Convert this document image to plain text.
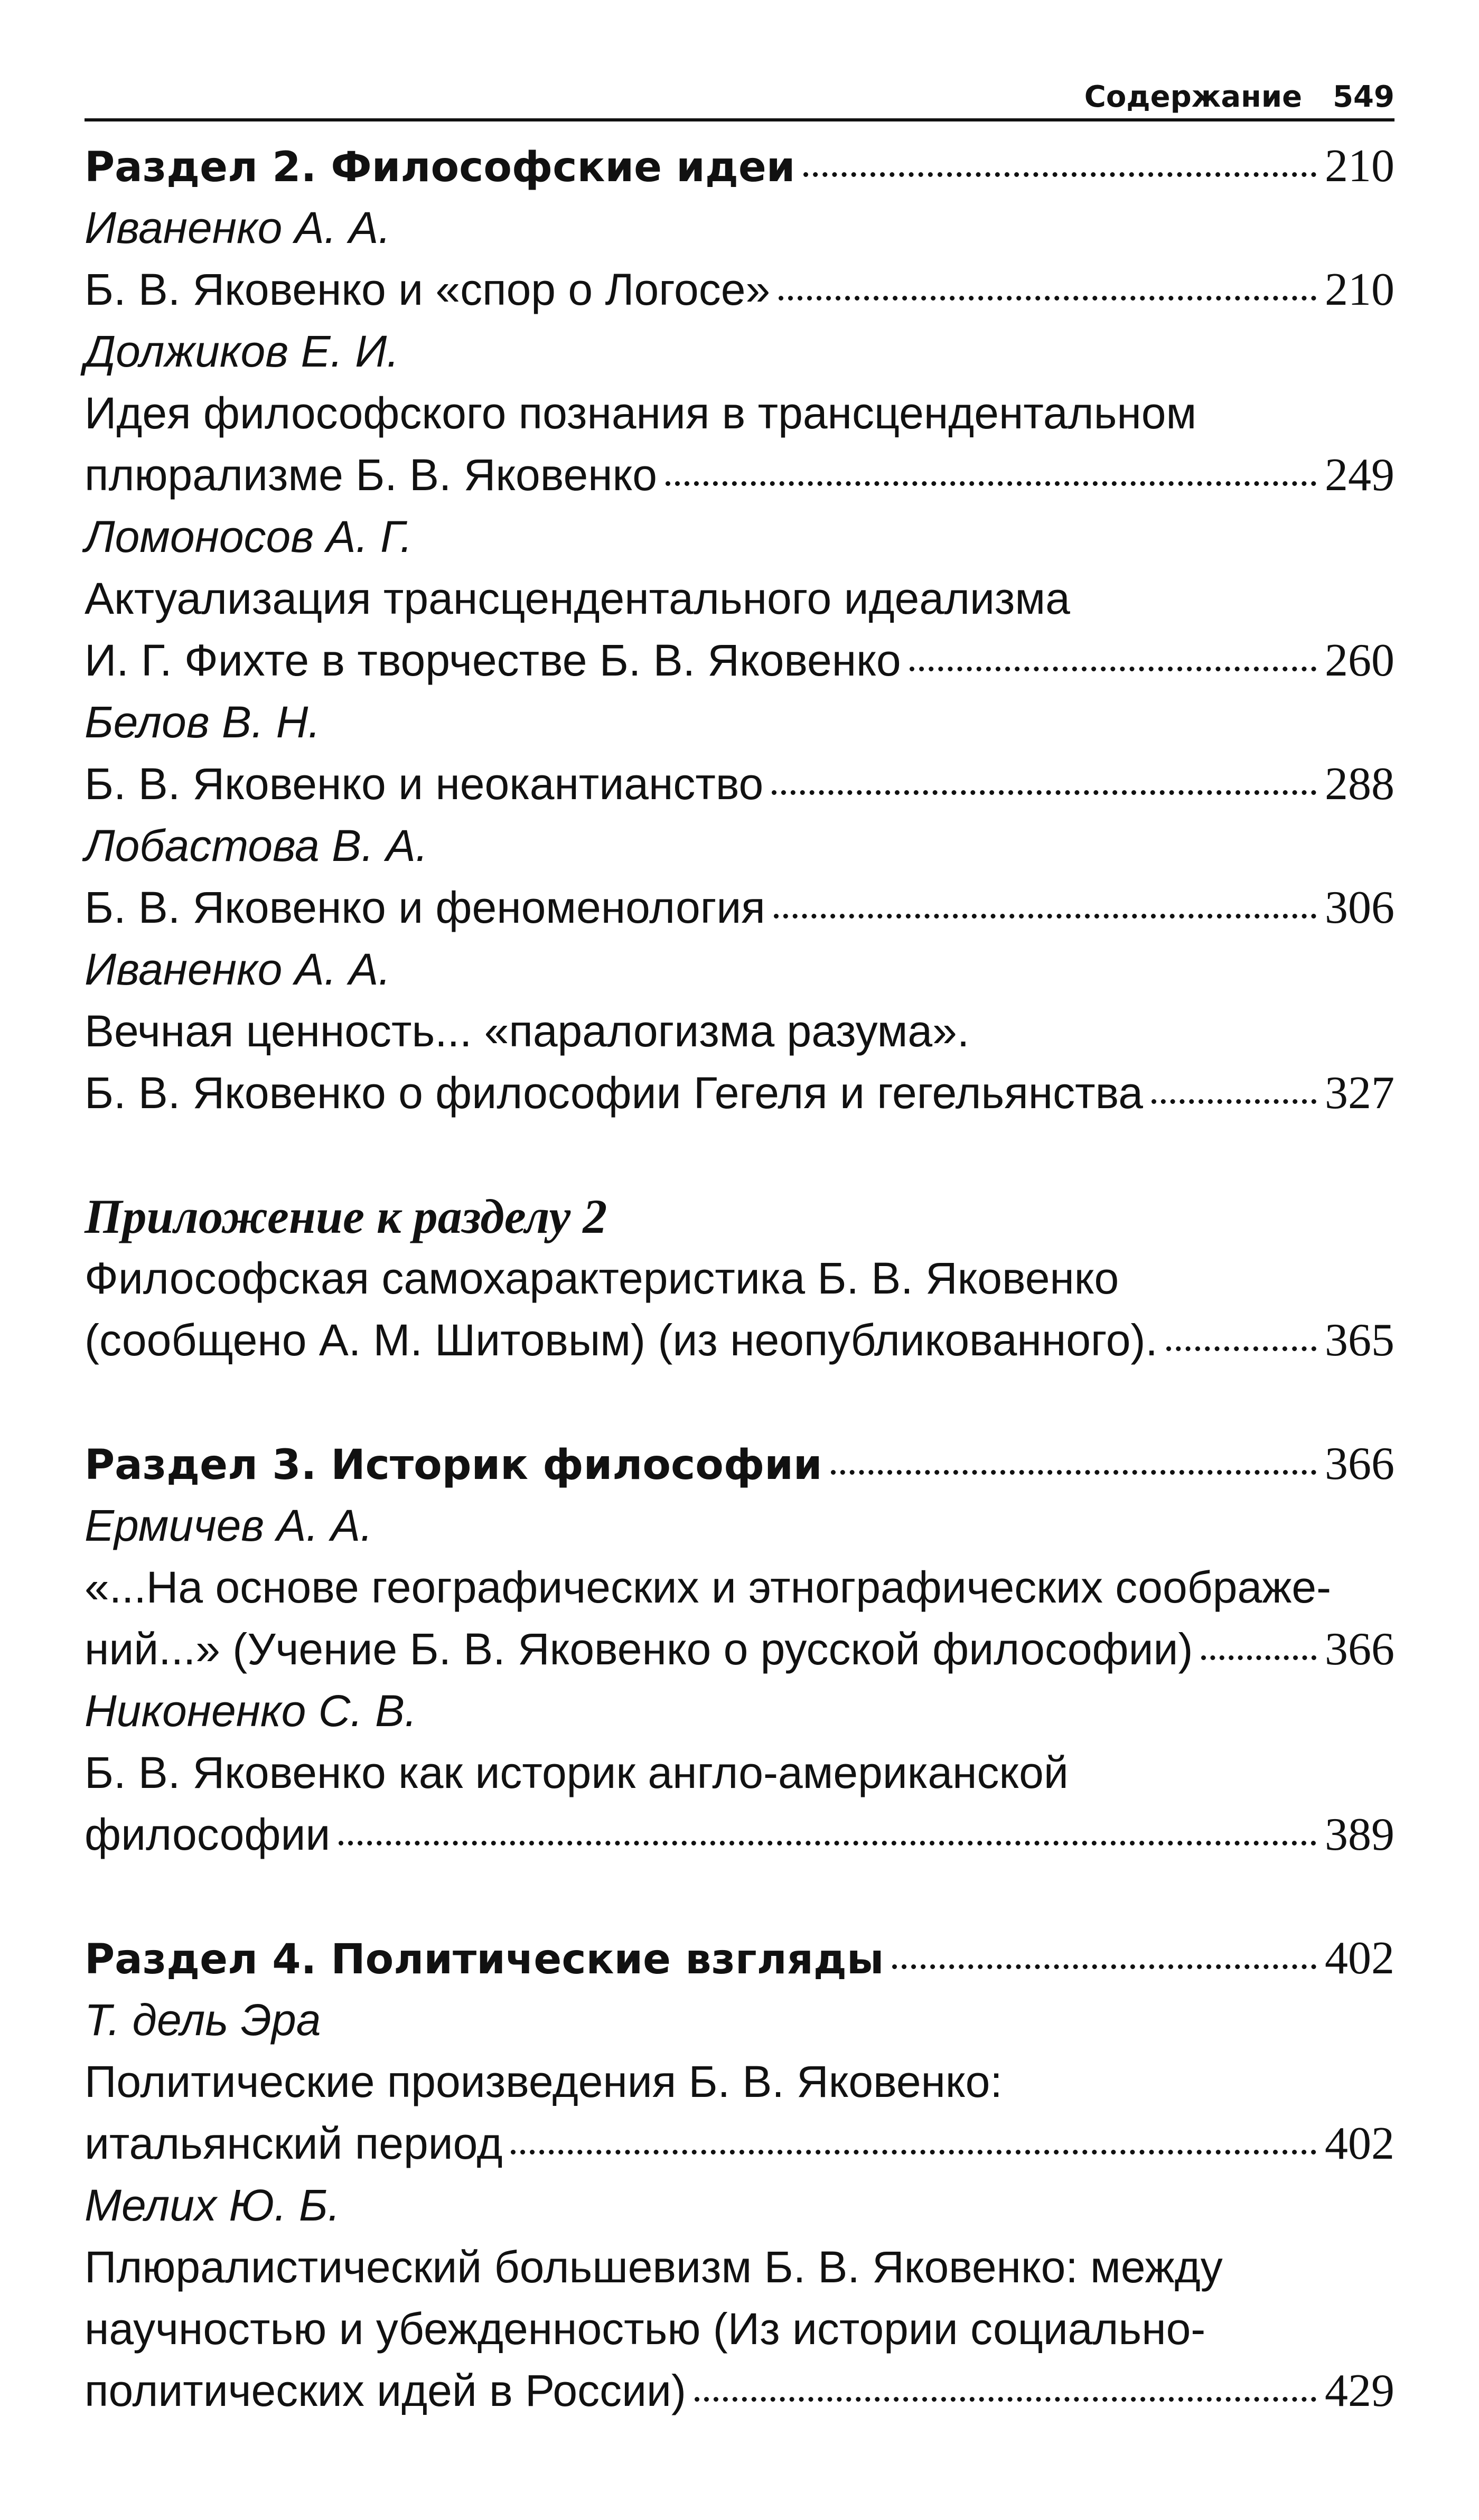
Содержание 549
Раздел 2. Философские идеи	210
Иваненко А. А.
Б. В. Яковенко и «спор о Логосе»	210
Должиков Е. И.
Идея философского познания в трансцендентальном
плюрализме Б. В. Яковенко	249
Ломоносов А. Г.
Актуализация трансцендентального идеализма
И. Г. Фихте в творчестве Б. В. Яковенко	260
Белов В. Н.
Б. В. Яковенко и неокантианство	288
Лобастова В. А.
Б. В. Яковенко и феноменология	306
Иваненко А. А.
Вечная ценность... «паралогизма разума».
Б. В. Яковенко о философии Гегеля и гегельянства	327
Приложение к разделу 2
Философская самохарактеристика Б. В. Яковенко
(сообщено А. М. Шитовым) (из неопубликованного).	365
Раздел 3. Историк философии	366
Ермичев А. А.
«...На основе географических и этнографических соображе-
ний...» (Учение Б. В. Яковенко о русской философии)	366
Никоненко С. В.
Б. В. Яковенко как историк англо-американской
философии	389
Раздел 4. Политические взгляды	402
Т. дель Эра
Политические произведения Б. В. Яковенко:
итальянский период	402
Мелих Ю. Б.
Плюралистический большевизм Б. В. Яковенко: между
научностью и убежденностью (Из истории социально-
политических идей в России)	429
